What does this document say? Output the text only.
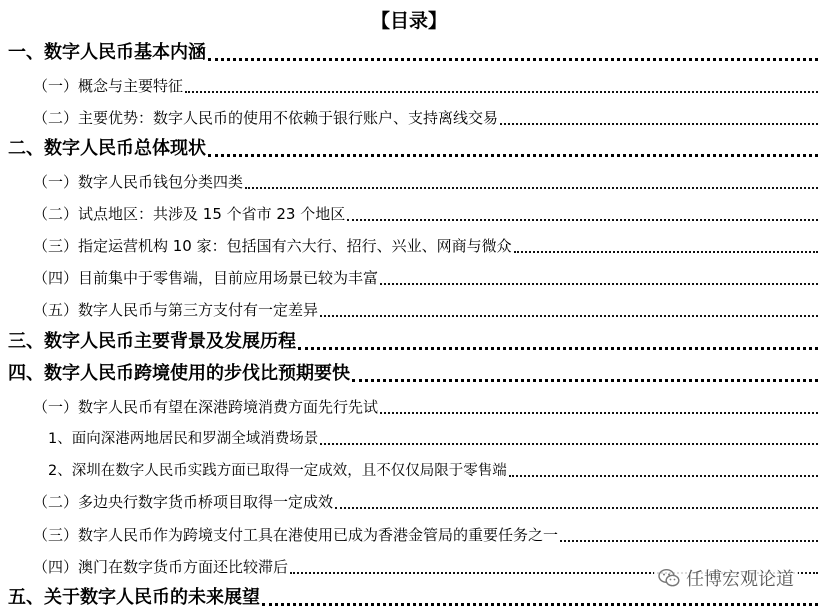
【目录】
一、数字人民币基本内涵
（一）概念与主要特征
（二）主要优势：数字人民币的使用不依赖于银行账户、支持离线交易
二、数字人民币总体现状
（一）数字人民币钱包分类四类
（二）试点地区：共涉及 15 个省市 23 个地区
（三）指定运营机构 10 家：包括国有六大行、招行、兴业、网商与微众
（四）目前集中于零售端，目前应用场景已较为丰富
（五）数字人民币与第三方支付有一定差异
三、数字人民币主要背景及发展历程
四、数字人民币跨境使用的步伐比预期要快
（一）数字人民币有望在深港跨境消费方面先行先试
1、面向深港两地居民和罗湖全域消费场景
2、深圳在数字人民币实践方面已取得一定成效，且不仅仅局限于零售端
（二）多边央行数字货币桥项目取得一定成效
（三）数字人民币作为跨境支付工具在港使用已成为香港金管局的重要任务之一
（四）澳门在数字货币方面还比较滞后
五、关于数字人民币的未来展望
任博宏观论道
